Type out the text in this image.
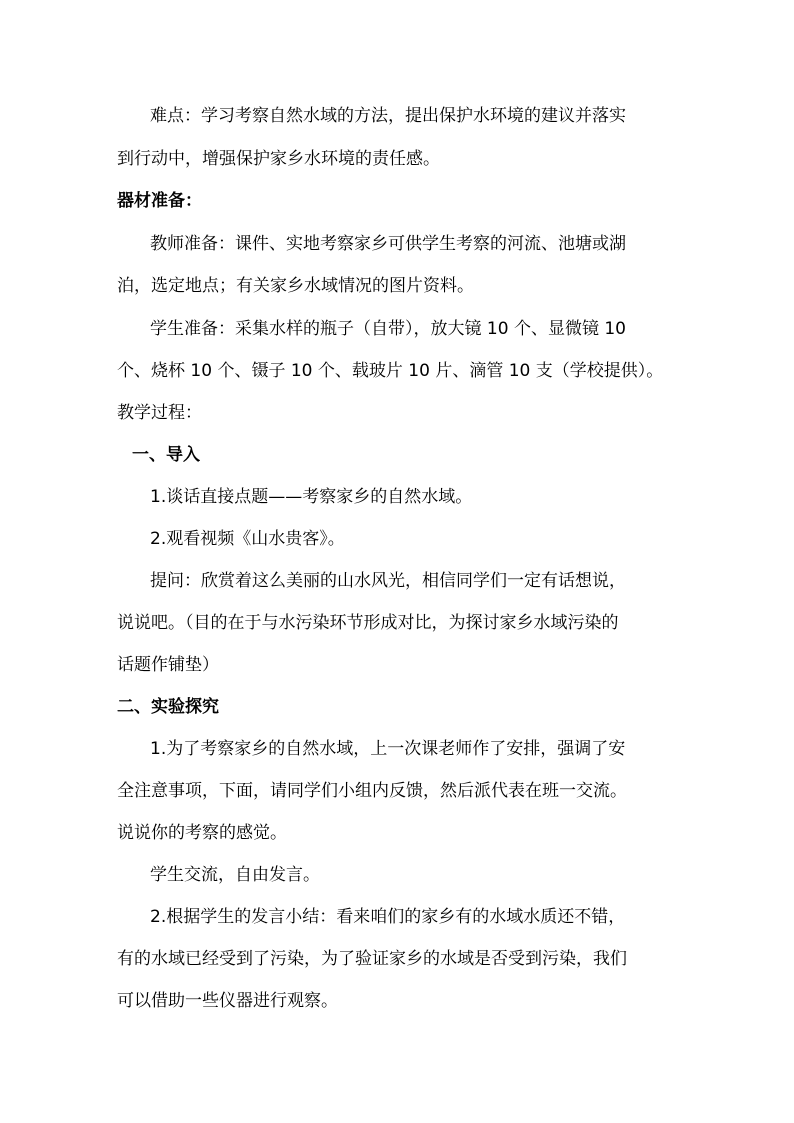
难点：学习考察自然水域的方法，提出保护水环境的建议并落实
到行动中，增强保护家乡水环境的责任感。
器材准备：
教师准备：课件、实地考察家乡可供学生考察的河流、池塘或湖
泊，选定地点；有关家乡水域情况的图片资料。
学生准备：采集水样的瓶子（自带），放大镜 10 个、显微镜 10
个、烧杯 10 个、镊子 10 个、载玻片 10 片、滴管 10 支（学校提供）。
教学过程：
一、导入
1.谈话直接点题——考察家乡的自然水域。
2.观看视频《山水贵客》。
提问：欣赏着这么美丽的山水风光，相信同学们一定有话想说，
说说吧。（目的在于与水污染环节形成对比，为探讨家乡水域污染的
话题作铺垫）
二、实验探究
1.为了考察家乡的自然水域，上一次课老师作了安排，强调了安
全注意事项，下面，请同学们小组内反馈，然后派代表在班一交流。
说说你的考察的感觉。
学生交流，自由发言。
2.根据学生的发言小结：看来咱们的家乡有的水域水质还不错，
有的水域已经受到了污染，为了验证家乡的水域是否受到污染，我们
可以借助一些仪器进行观察。
